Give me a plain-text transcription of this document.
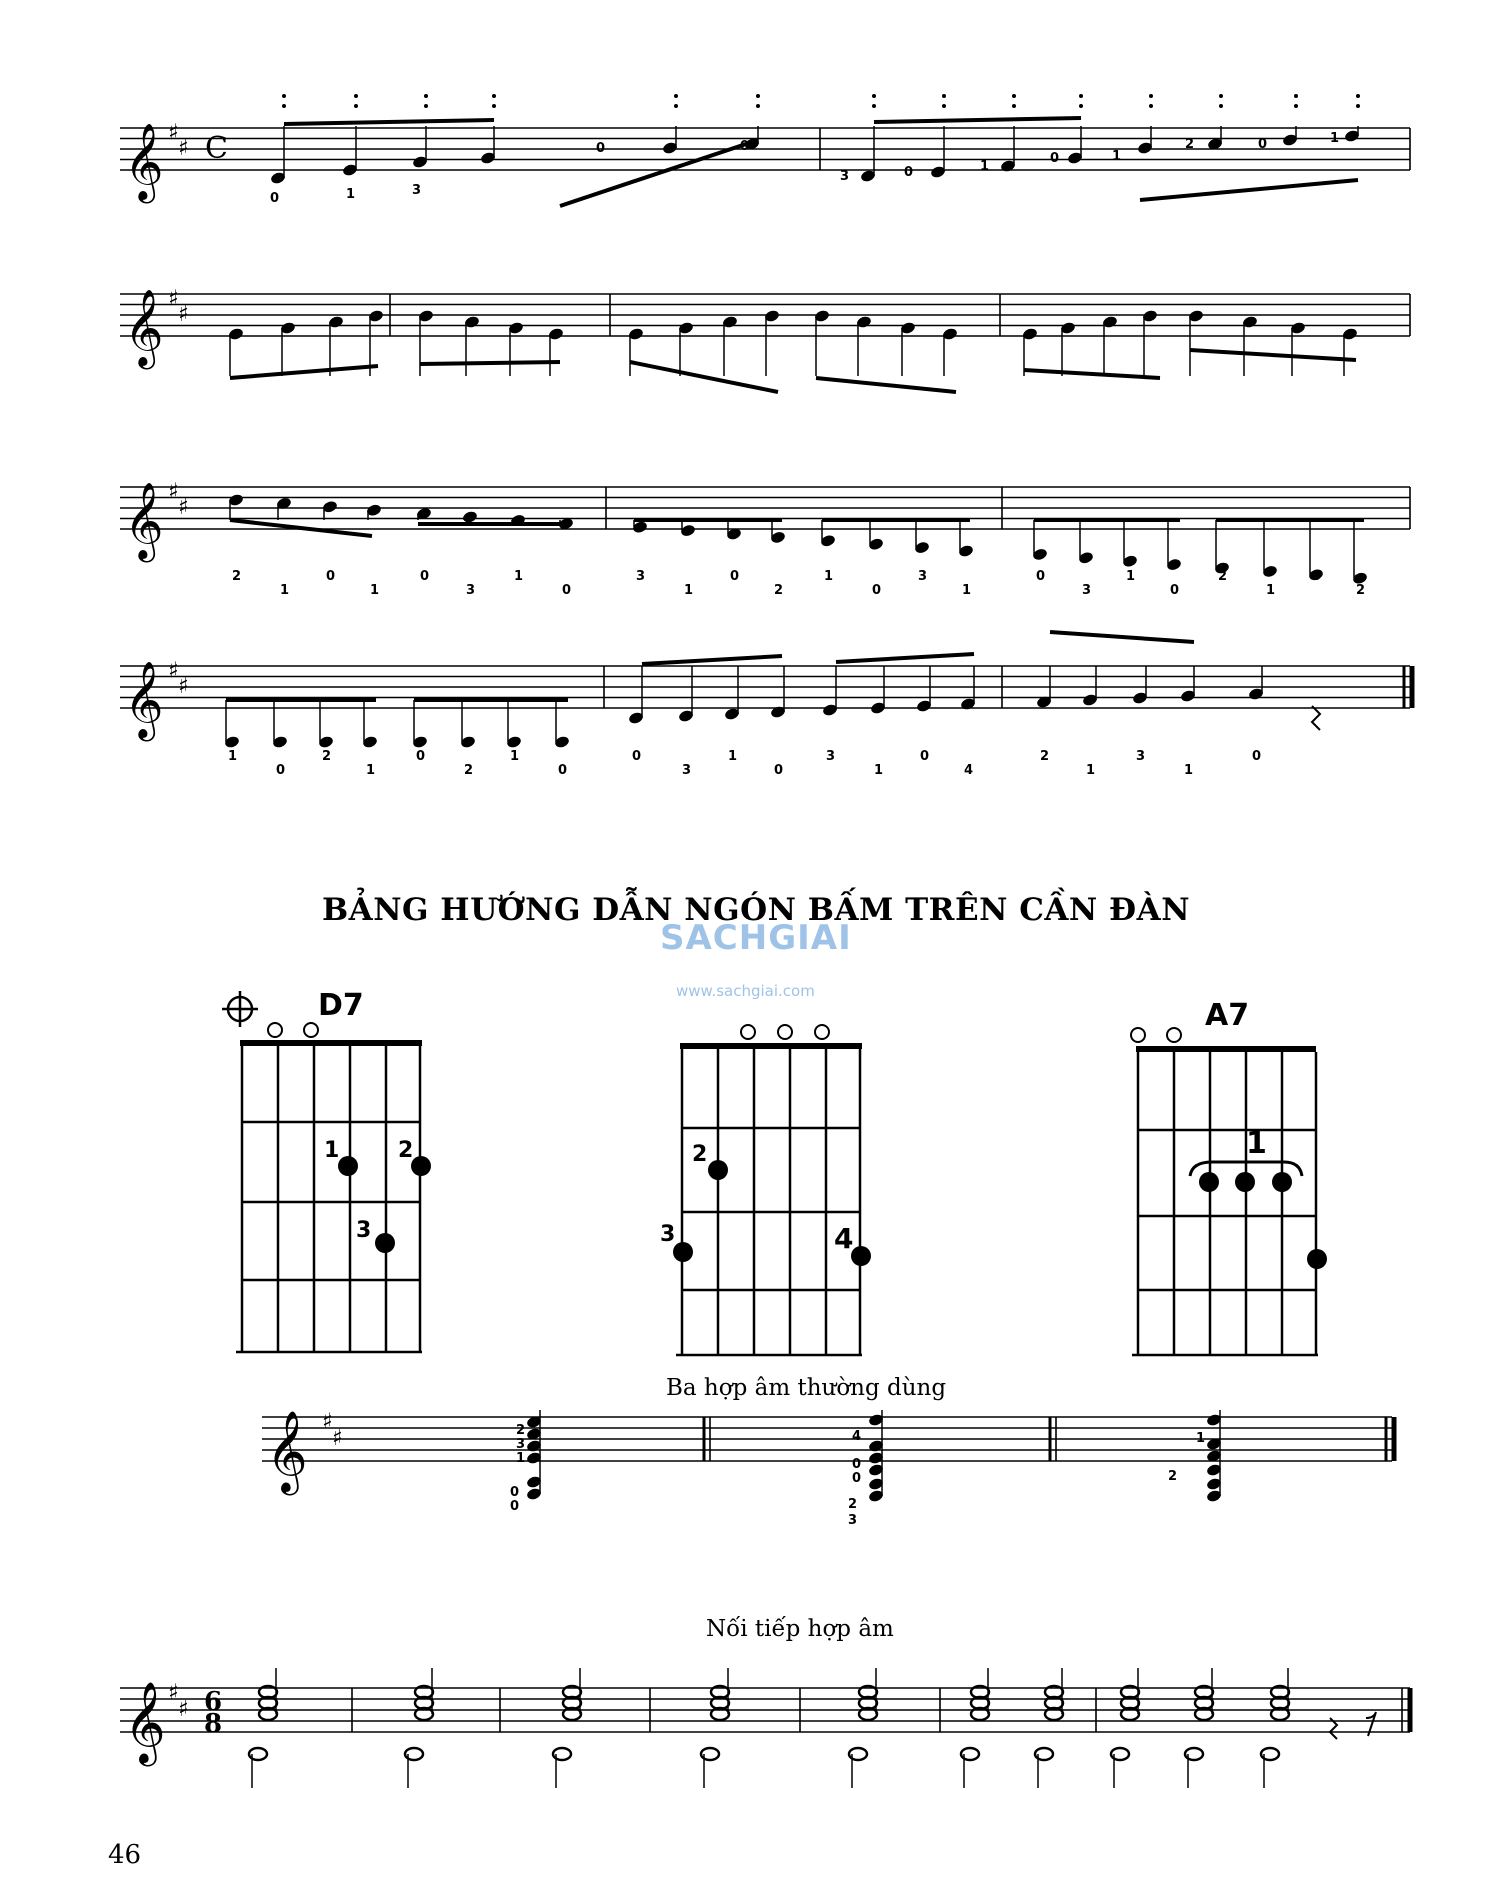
𝄞 ♯
♯ C
0	1	3
0	0
3	0	1
0	1
2	0	1
𝄞 ♯
♯
𝄞 ♯
♯
2
1
0
1
0
3
1
0
3
1
0
2
1
0
3
1
0
3
1
0
2
1
0
2
𝄞 ♯
♯
1
0
2
1
0
2
1
0
0
3
1
0
3
1
0
4
2
1
3
1
0
𝄞 ♯
♯	2
3
1
0
0
4
0
0
2
3
1
2
𝄞 ♯
♯ 6
8
BẢNG HƯỚNG DẪN NGÓN BẤM TRÊN CẦN ĐÀN
SACHGIAI
www.sachgiai.com
D7	A7
1	2
3
2
3	4
1
Ba hợp âm thường dùng
Nối tiếp hợp âm
46
